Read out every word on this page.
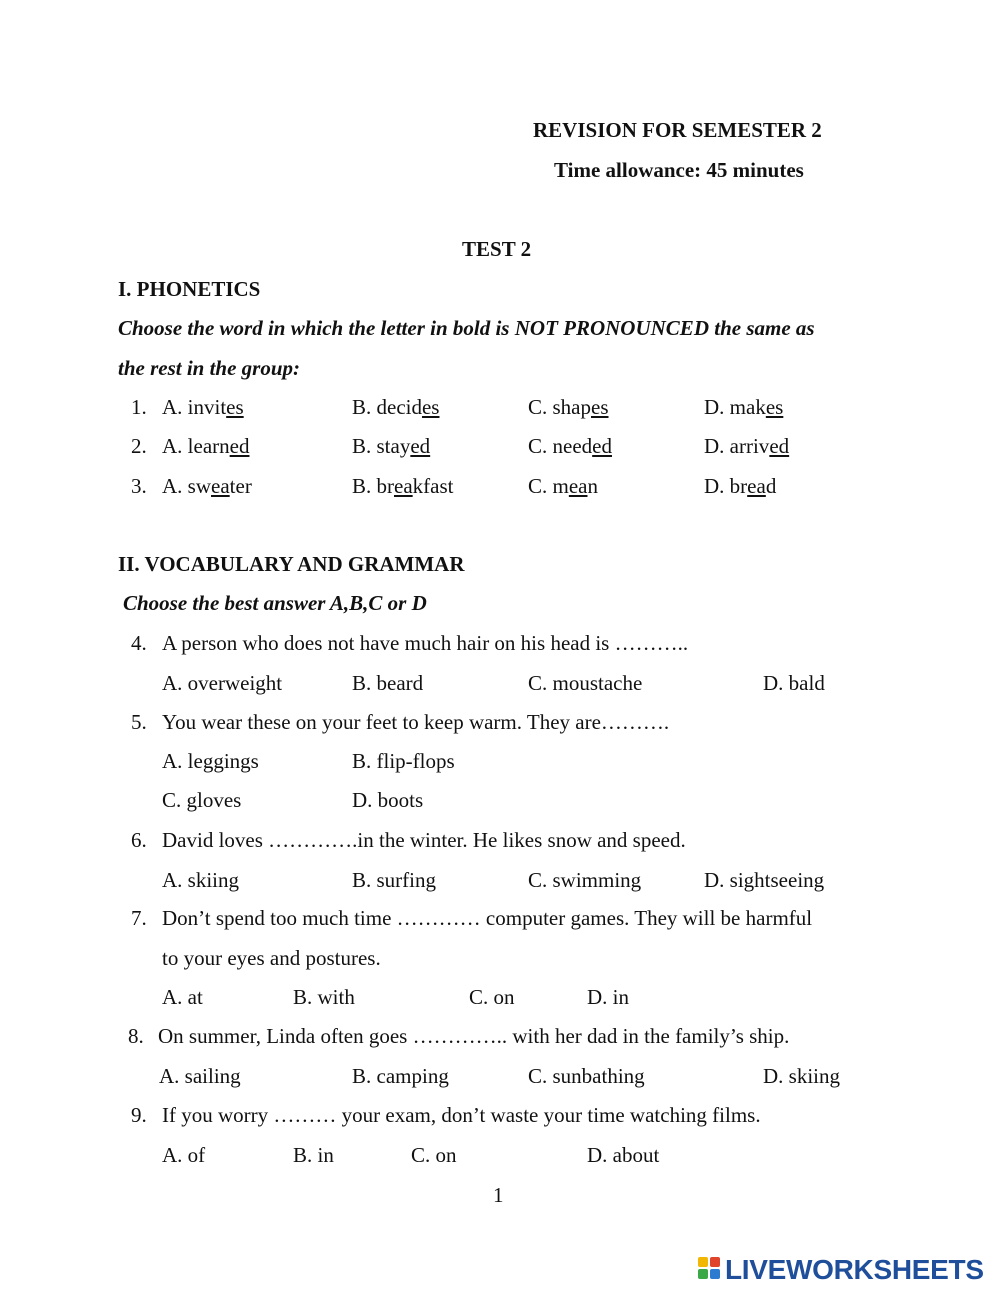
REVISION FOR SEMESTER 2
Time allowance: 45 minutes
TEST 2
I. PHONETICS
Choose the word in which the letter in bold is NOT PRONOUNCED the same as
the rest in the group:
1. A. invites	B. decides	C. shapes	D. makes
2. A. learned	B. stayed	C. needed	D. arrived
3. A. sweater	B. breakfast	C. mean	D. bread
II. VOCABULARY AND GRAMMAR
Choose the best answer A,B,C or D
4. A person who does not have much hair on his head is ………..
A. overweight	B. beard	C. moustache	D. bald
5. You wear these on your feet to keep warm. They are……….
A. leggings	B. flip-flops
C. gloves	D. boots
6. David loves ………….in the winter. He likes snow and speed.
A. skiing	B. surfing	C. swimming	D. sightseeing
7. Don’t spend too much time ………… computer games. They will be harmful
to your eyes and postures.
A. at	B. with	C. on	D. in
8. On summer, Linda often goes ………….. with her dad in the family’s ship.
A. sailing	B. camping	C. sunbathing	D. skiing
9. If you worry ……… your exam, don’t waste your time watching films.
A. of	B. in	C. on	D. about
1
LIVEWORKSHEETS
